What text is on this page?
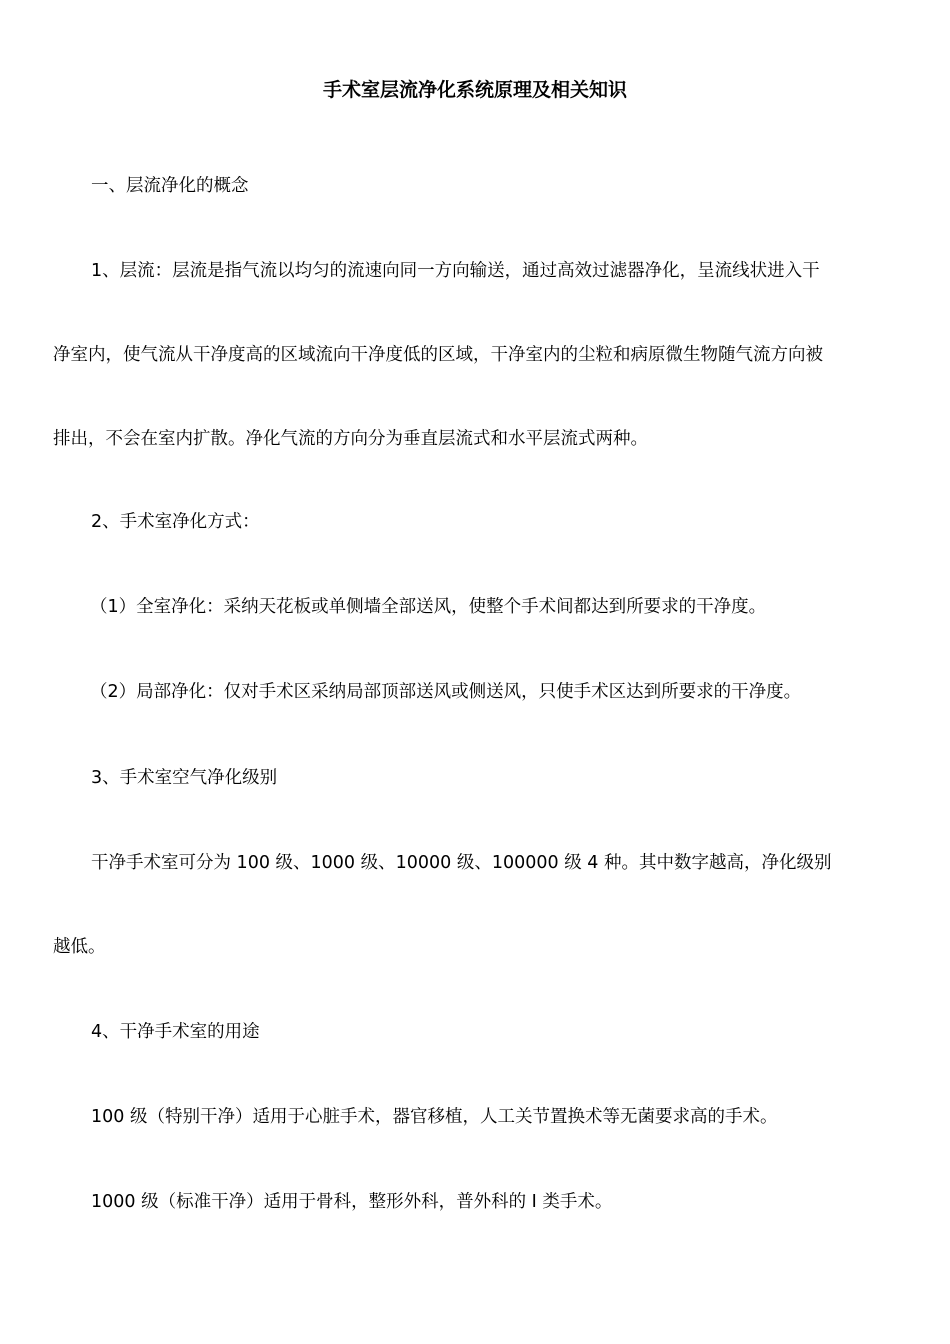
手术室层流净化系统原理及相关知识
一、层流净化的概念
1、层流：层流是指气流以均匀的流速向同一方向输送，通过高效过滤器净化，呈流线状进入干
净室内，使气流从干净度高的区域流向干净度低的区域，干净室内的尘粒和病原微生物随气流方向被
排出，不会在室内扩散。净化气流的方向分为垂直层流式和水平层流式两种。
2、手术室净化方式：
（1）全室净化：采纳天花板或单侧墙全部送风，使整个手术间都达到所要求的干净度。
（2）局部净化：仅对手术区采纳局部顶部送风或侧送风，只使手术区达到所要求的干净度。
3、手术室空气净化级别
干净手术室可分为 100 级、1000 级、10000 级、100000 级 4 种。其中数字越高，净化级别
越低。
4、干净手术室的用途
100 级（特别干净）适用于心脏手术，器官移植，人工关节置换术等无菌要求高的手术。
1000 级（标准干净）适用于骨科，整形外科，普外科的 I 类手术。
